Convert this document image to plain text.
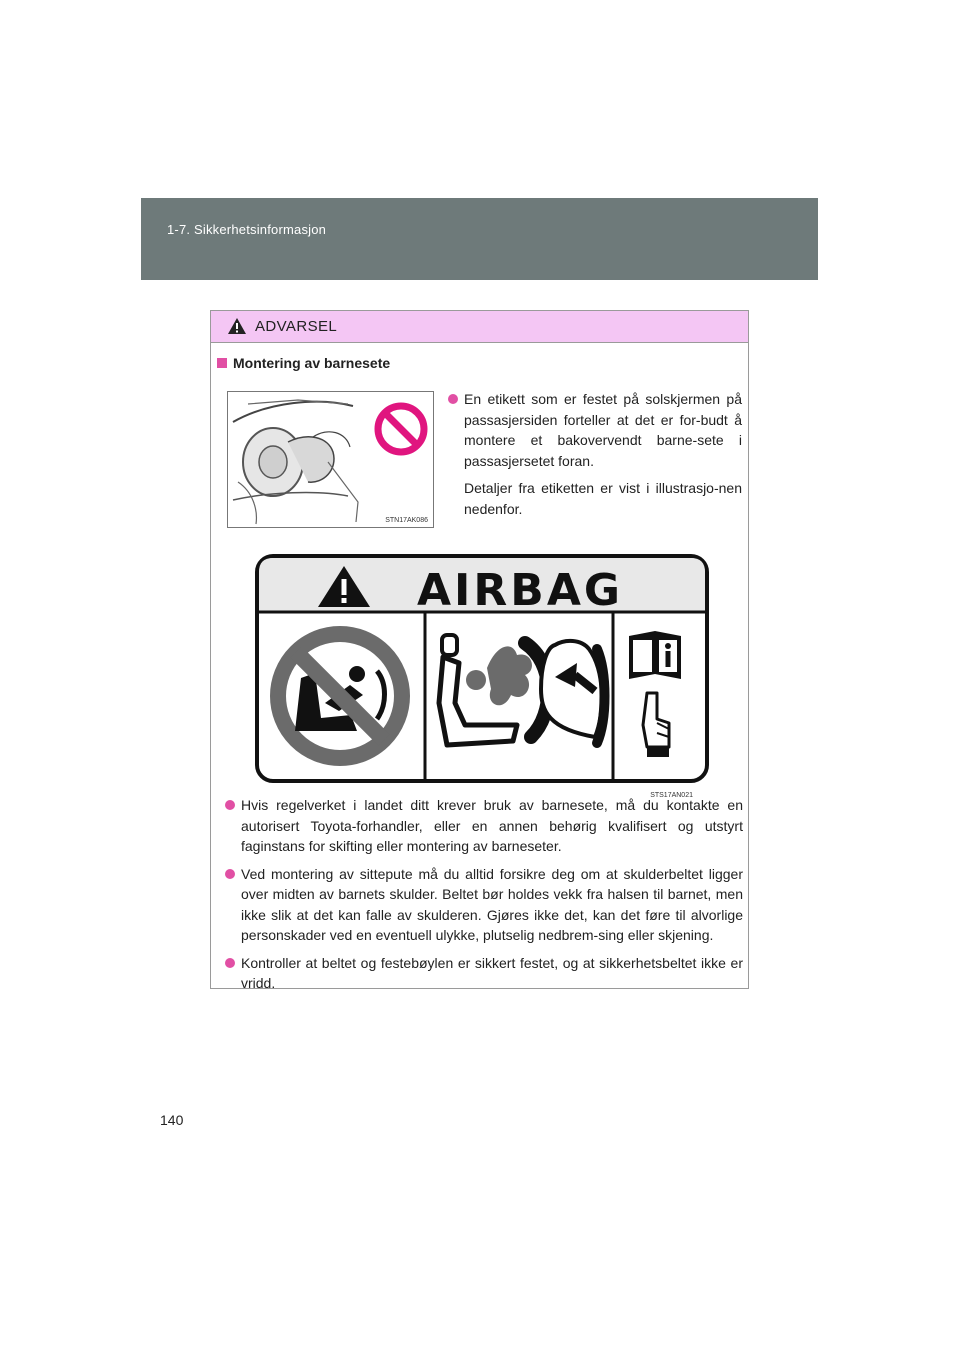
1-7. Sikkerhetsinformasjon
ADVARSEL
Montering av barnesete
STN17AK086
En etikett som er festet på solskjermen på passasjersiden forteller at det er for-budt å montere et bakovervendt barne-sete i passasjersetet foran.
Detaljer fra etiketten er vist i illustrasjo-nen nedenfor.
AIRBAG
STS17AN021
Hvis regelverket i landet ditt krever bruk av barnesete, må du kontakte en autorisert Toyota-forhandler, eller en annen behørig kvalifisert og utstyrt faginstans for skifting eller montering av barneseter.
Ved montering av sittepute må du alltid forsikre deg om at skulderbeltet ligger over midten av barnets skulder. Beltet bør holdes vekk fra halsen til barnet, men ikke slik at det kan falle av skulderen. Gjøres ikke det, kan det føre til alvorlige personskader ved en eventuell ulykke, plutselig nedbrem-sing eller skjening.
Kontroller at beltet og festebøylen er sikkert festet, og at sikkerhetsbeltet ikke er vridd.
140
